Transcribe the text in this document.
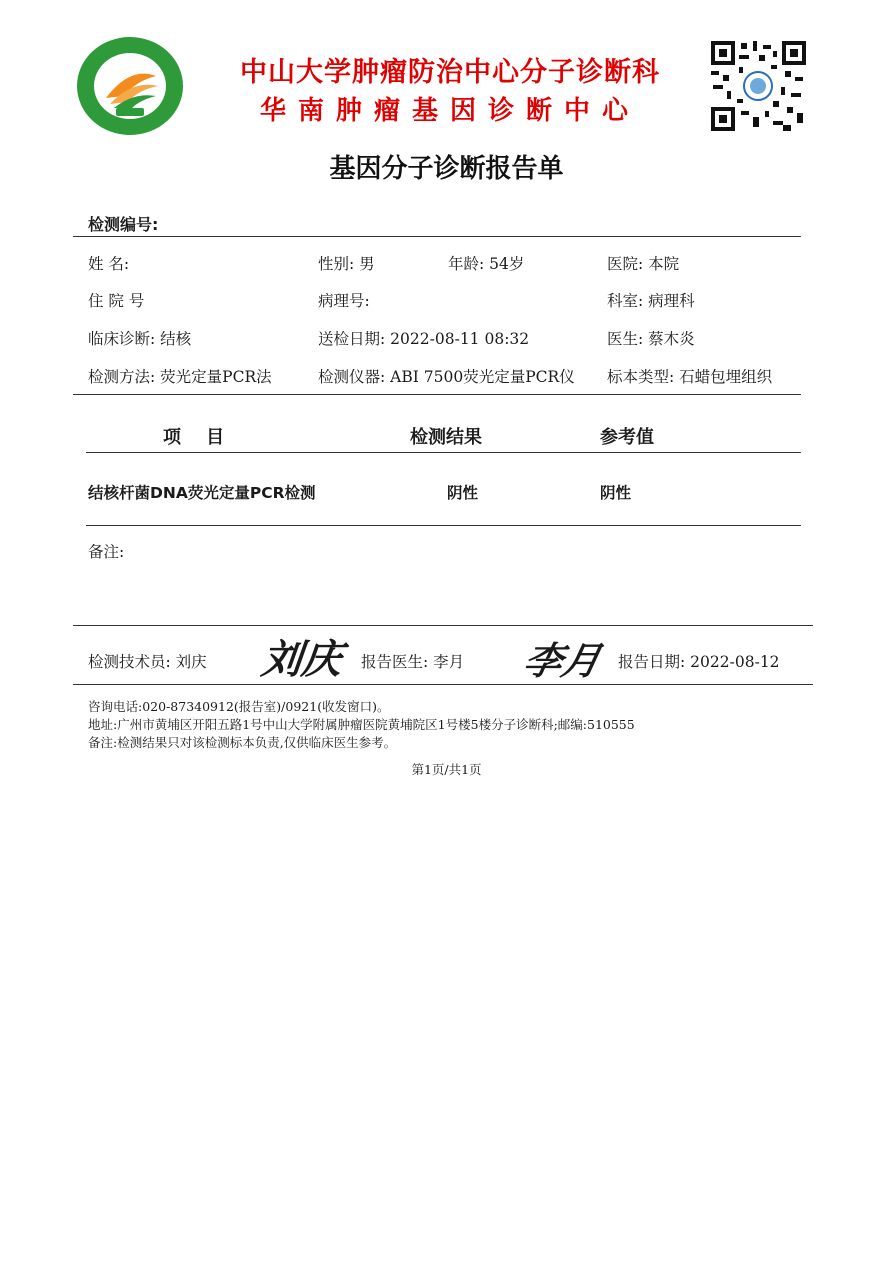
中山大学肿瘤防治中心分子诊断科
华南肿瘤基因诊断中心
基因分子诊断报告单
检测编号:
姓 名:	性别: 男	年龄: 54岁	医院: 本院
住 院 号	病理号:	科室: 病理科
临床诊断: 结核	送检日期: 2022-08-11 08:32	医生: 蔡木炎
检测方法: 荧光定量PCR法	检测仪器: ABI 7500荧光定量PCR仪 标本类型: 石蜡包埋组织
项    目	检测结果	参考值
结核杆菌DNA荧光定量PCR检测	阴性	阴性
备注:
检测技术员: 刘庆 刘庆 报告医生: 李月 李月 报告日期: 2022-08-12
咨询电话:020-87340912(报告室)/0921(收发窗口)。
地址:广州市黄埔区开阳五路1号中山大学附属肿瘤医院黄埔院区1号楼5楼分子诊断科;邮编:510555
备注:检测结果只对该检测标本负责,仅供临床医生参考。
第1页/共1页
